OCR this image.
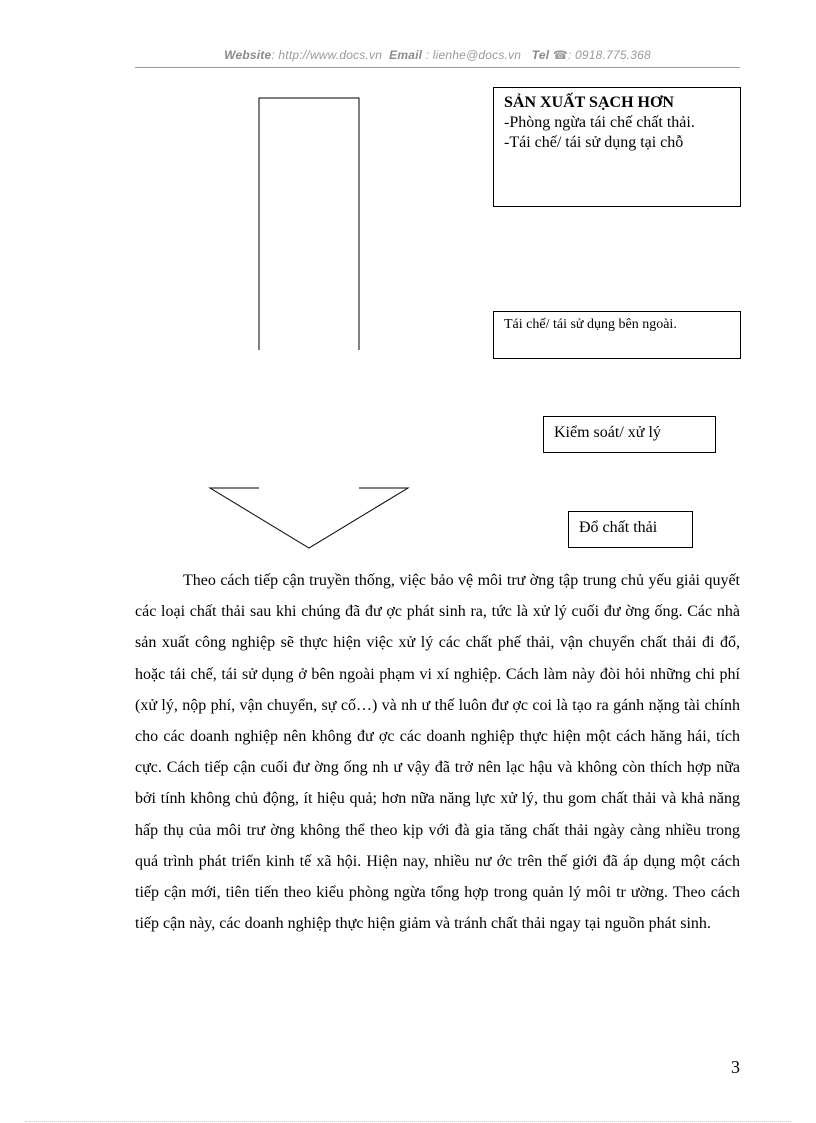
Website: http://www.docs.vn Email : lienhe@docs.vn Tel ☎: 0918.775.368
SẢN XUẤT SẠCH HƠN
-Phòng ngừa tái chế chất thải.
-Tái chế/ tái sử dụng tại chỗ
Tái chế/ tái sử dụng bên ngoài.
Kiểm soát/ xử lý
Đổ chất thải

Theo cách tiếp cận truyền thống, việc bảo vệ môi trư ờng tập trung chủ yếu giải quyết các loại chất thải sau khi chúng đã đư ợc phát sinh ra, tức là xử lý cuối đư ờng ống. Các nhà sản xuất công nghiệp sẽ thực hiện việc xử lý các chất phế thải, vận chuyển chất thải đi đổ, hoặc tái chế, tái sử dụng ở bên ngoài phạm vi xí nghiệp. Cách làm này đòi hỏi những chi phí (xử lý, nộp phí, vận chuyển, sự cố…) và nh ư thế luôn đư ợc coi là tạo ra gánh nặng tài chính cho các doanh nghiệp nên không đư ợc các doanh nghiệp thực hiện một cách hăng hái, tích cực. Cách tiếp cận cuối đư ờng ống nh ư vậy đã trở nên lạc hậu và không còn thích hợp nữa bởi tính không chủ động, ít hiệu quả; hơn nữa năng lực xử lý, thu gom chất thải và khả năng hấp thụ của môi trư ờng không thể theo kịp với đà gia tăng chất thải ngày càng nhiều trong quá trình phát triển kinh tế xã hội. Hiện nay, nhiều nư ớc trên thế giới đã áp dụng một cách tiếp cận mới, tiên tiến theo kiểu phòng ngừa tổng hợp trong quản lý môi tr ường. Theo cách tiếp cận này, các doanh nghiệp thực hiện giảm và tránh chất thải ngay tại nguồn phát sinh.

3
